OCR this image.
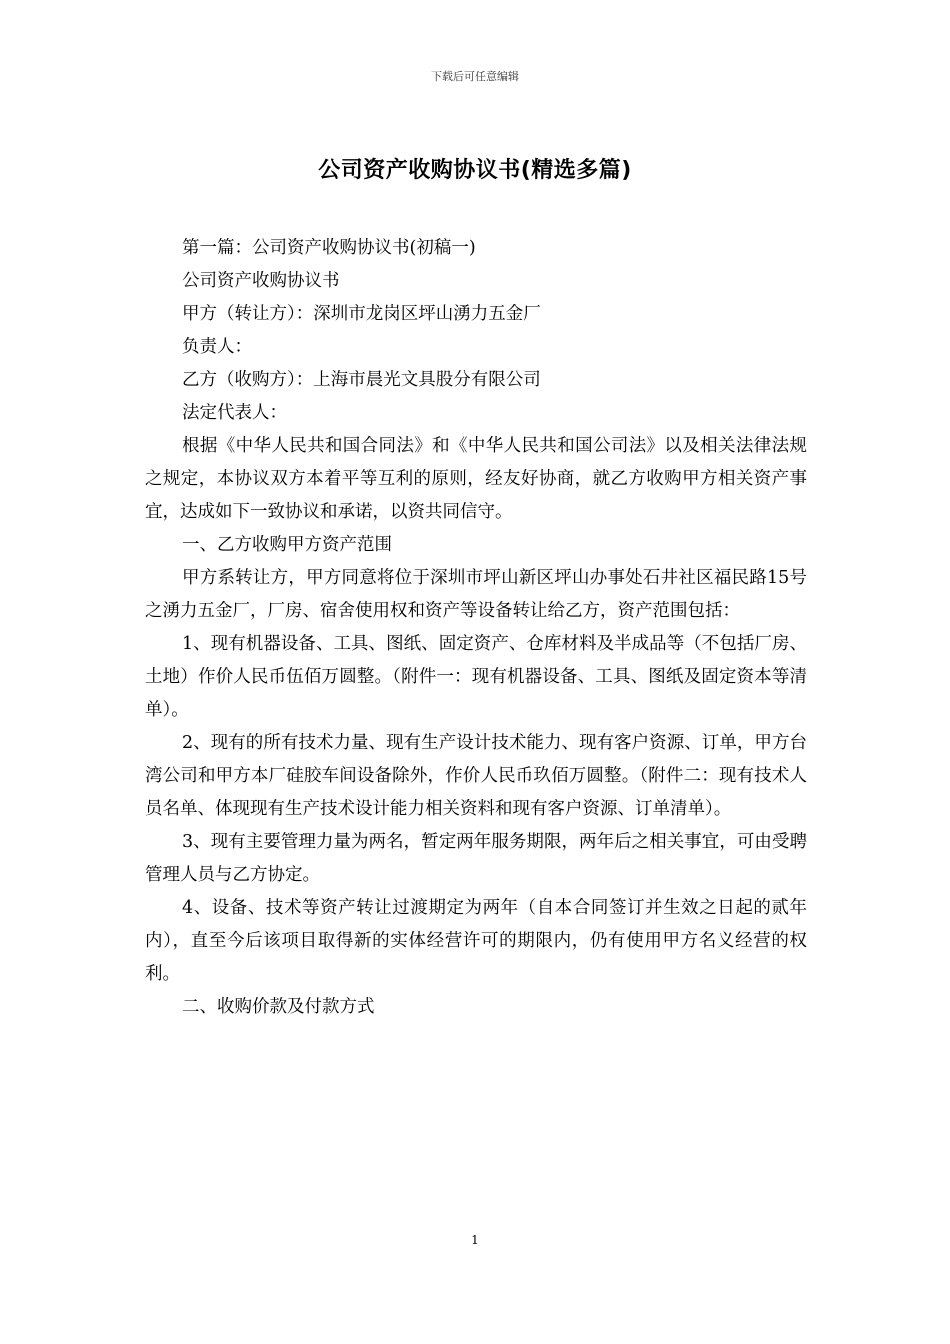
下载后可任意编辑
公司资产收购协议书(精选多篇)

第一篇：公司资产收购协议书(初稿一)

公司资产收购协议书

甲方（转让方）：深圳市龙岗区坪山湧力五金厂

负责人：

乙方（收购方）：上海市晨光文具股分有限公司

法定代表人：

根据《中华人民共和国合同法》和《中华人民共和国公司法》以及相关法律法规之规定，本协议双方本着平等互利的原则，经友好协商，就乙方收购甲方相关资产事宜，达成如下一致协议和承诺，以资共同信守。

一、乙方收购甲方资产范围

甲方系转让方，甲方同意将位于深圳市坪山新区坪山办事处石井社区福民路15号之湧力五金厂，厂房、宿舍使用权和资产等设备转让给乙方，资产范围包括：

1、现有机器设备、工具、图纸、固定资产、仓库材料及半成品等（不包括厂房、土地）作价人民币伍佰万圆整。（附件一：现有机器设备、工具、图纸及固定资本等清单）。

2、现有的所有技术力量、现有生产设计技术能力、现有客户资源、订单，甲方台湾公司和甲方本厂硅胶车间设备除外，作价人民币玖佰万圆整。（附件二：现有技术人员名单、体现现有生产技术设计能力相关资料和现有客户资源、订单清单）。

3、现有主要管理力量为两名，暂定两年服务期限，两年后之相关事宜，可由受聘管理人员与乙方协定。

4、设备、技术等资产转让过渡期定为两年（自本合同签订并生效之日起的贰年内），直至今后该项目取得新的实体经营许可的期限内，仍有使用甲方名义经营的权利。

二、收购价款及付款方式

1
